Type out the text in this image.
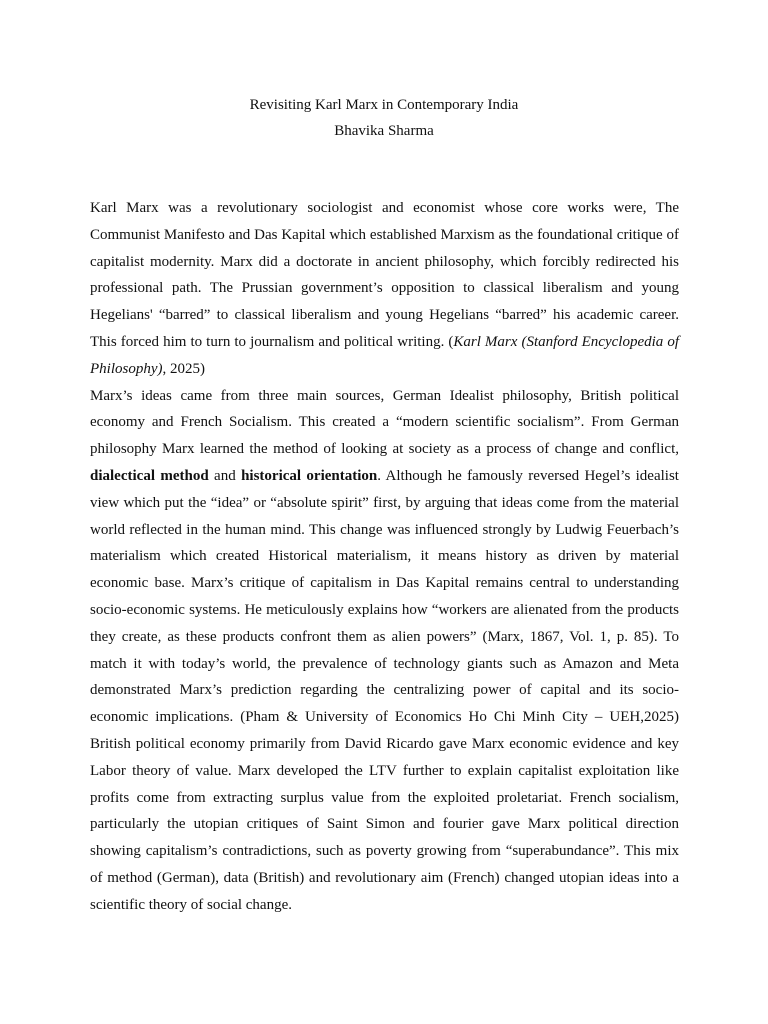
Revisiting Karl Marx in Contemporary India
Bhavika Sharma

Karl Marx was a revolutionary sociologist and economist whose core works were, The Communist Manifesto and Das Kapital which established Marxism as the foundational critique of capitalist modernity. Marx did a doctorate in ancient philosophy, which forcibly redirected his professional path. The Prussian government’s opposition to classical liberalism and young Hegelians' “barred” to classical liberalism and young Hegelians “barred” his academic career. This forced him to turn to journalism and political writing. (Karl Marx (Stanford Encyclopedia of Philosophy), 2025)

Marx’s ideas came from three main sources, German Idealist philosophy, British political economy and French Socialism. This created a “modern scientific socialism”. From German philosophy Marx learned the method of looking at society as a process of change and conflict, dialectical method and historical orientation. Although he famously reversed Hegel’s idealist view which put the “idea” or “absolute spirit” first, by arguing that ideas come from the material world reflected in the human mind. This change was influenced strongly by Ludwig Feuerbach’s materialism which created Historical materialism, it means history as driven by material economic base. Marx’s critique of capitalism in Das Kapital remains central to understanding socio-economic systems. He meticulously explains how “workers are alienated from the products they create, as these products confront them as alien powers” (Marx, 1867, Vol. 1, p. 85). To match it with today’s world, the prevalence of technology giants such as Amazon and Meta demonstrated Marx’s prediction regarding the centralizing power of capital and its socio-economic implications. (Pham & University of Economics Ho Chi Minh City – UEH,2025) British political economy primarily from David Ricardo gave Marx economic evidence and key Labor theory of value. Marx developed the LTV further to explain capitalist exploitation like profits come from extracting surplus value from the exploited proletariat. French socialism, particularly the utopian critiques of Saint Simon and fourier gave Marx political direction showing capitalism’s contradictions, such as poverty growing from “superabundance”. This mix of method (German), data (British) and revolutionary aim (French) changed utopian ideas into a scientific theory of social change.
